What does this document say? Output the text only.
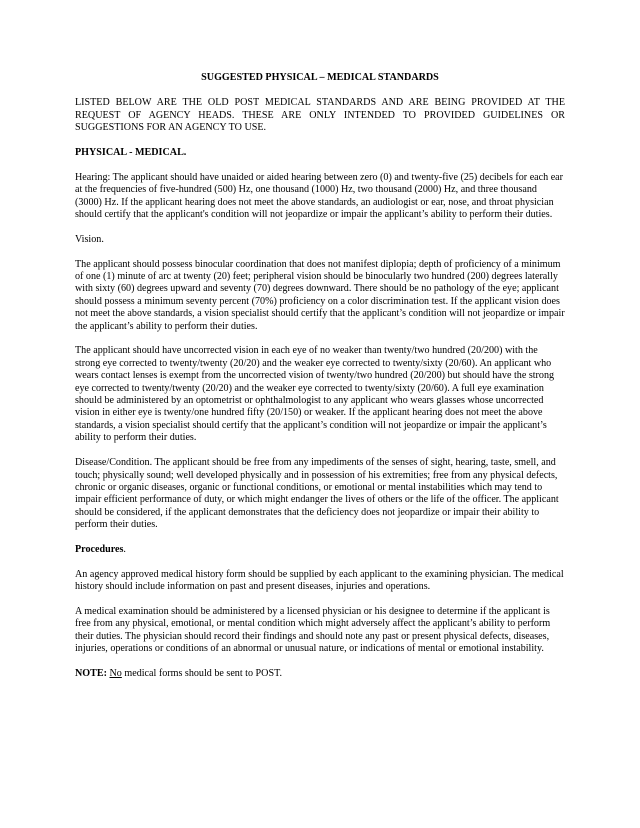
SUGGESTED PHYSICAL – MEDICAL STANDARDS

LISTED BELOW ARE THE OLD POST MEDICAL STANDARDS AND ARE BEING PROVIDED AT THE REQUEST OF AGENCY HEADS. THESE ARE ONLY INTENDED TO PROVIDED GUIDELINES OR SUGGESTIONS FOR AN AGENCY TO USE.

PHYSICAL - MEDICAL.

Hearing: The applicant should have unaided or aided hearing between zero (0) and twenty-five (25) decibels for each ear at the frequencies of five-hundred (500) Hz, one thousand (1000) Hz, two thousand (2000) Hz, and three thousand (3000) Hz. If the applicant hearing does not meet the above standards, an audiologist or ear, nose, and throat physician should certify that the applicant's condition will not jeopardize or impair the applicant’s ability to perform their duties.

Vision.

The applicant should possess binocular coordination that does not manifest diplopia; depth of proficiency of a minimum of one (1) minute of arc at twenty (20) feet; peripheral vision should be binocularly two hundred (200) degrees laterally with sixty (60) degrees upward and seventy (70) degrees downward. There should be no pathology of the eye; applicant should possess a minimum seventy percent (70%) proficiency on a color discrimination test. If the applicant vision does not meet the above standards, a vision specialist should certify that the applicant’s condition will not jeopardize or impair the applicant’s ability to perform their duties.

The applicant should have uncorrected vision in each eye of no weaker than twenty/two hundred (20/200) with the strong eye corrected to twenty/twenty (20/20) and the weaker eye corrected to twenty/sixty (20/60). An applicant who wears contact lenses is exempt from the uncorrected vision of twenty/two hundred (20/200) but should have the strong eye corrected to twenty/twenty (20/20) and the weaker eye corrected to twenty/sixty (20/60). A full eye examination should be administered by an optometrist or ophthalmologist to any applicant who wears glasses whose uncorrected vision in either eye is twenty/one hundred fifty (20/150) or weaker. If the applicant hearing does not meet the above standards, a vision specialist should certify that the applicant’s condition will not jeopardize or impair the applicant’s ability to perform their duties.

Disease/Condition. The applicant should be free from any impediments of the senses of sight, hearing, taste, smell, and touch; physically sound; well developed physically and in possession of his extremities; free from any physical defects, chronic or organic diseases, organic or functional conditions, or emotional or mental instabilities which may tend to impair efficient performance of duty, or which might endanger the lives of others or the life of the officer. The applicant should be considered, if the applicant demonstrates that the deficiency does not jeopardize or impair their ability to perform their duties.

Procedures.

An agency approved medical history form should be supplied by each applicant to the examining physician. The medical history should include information on past and present diseases, injuries and operations.

A medical examination should be administered by a licensed physician or his designee to determine if the applicant is free from any physical, emotional, or mental condition which might adversely affect the applicant’s ability to perform their duties. The physician should record their findings and should note any past or present physical defects, diseases, injuries, operations or conditions of an abnormal or unusual nature, or indications of mental or emotional instability.

NOTE: No medical forms should be sent to POST.
